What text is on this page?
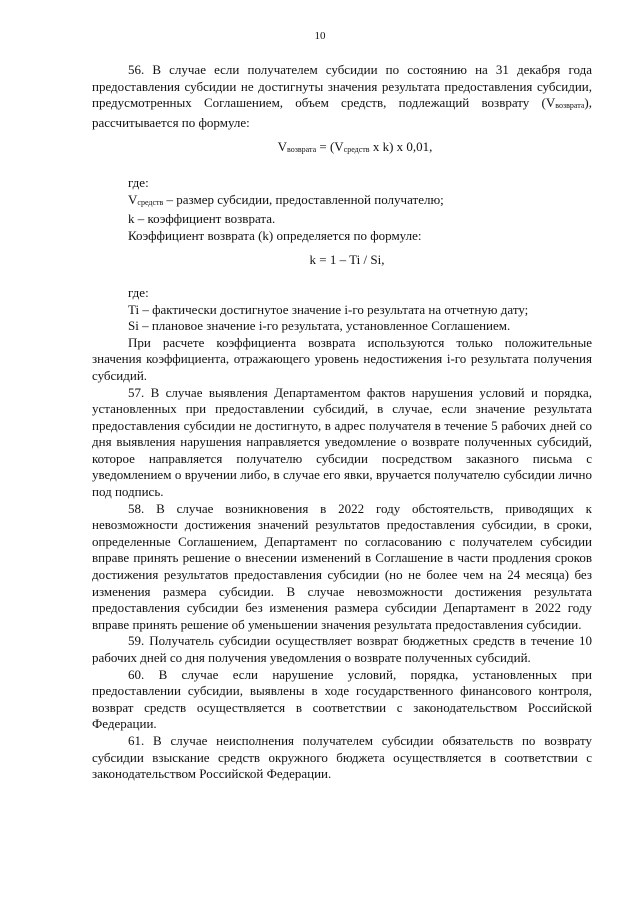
10

56. В случае если получателем субсидии по состоянию на 31 декабря года предоставления субсидии не достигнуты значения результата предоставления субсидии, предусмотренных Соглашением, объем средств, подлежащий возврату $(V_{возврата})$, рассчитывается по формуле:

$V_{возврата} = (V_{средств}$ x k) x 0,01,

где:

$V_{средств}$ – размер субсидии, предоставленной получателю;

k – коэффициент возврата.

Коэффициент возврата (k) определяется по формуле:

k = 1 – Ti / Si,

где:

Ti – фактически достигнутое значение i-го результата на отчетную дату;

Si – плановое значение i-го результата, установленное Соглашением.

При расчете коэффициента возврата используются только положительные значения коэффициента, отражающего уровень недостижения i-го результата получения субсидий.

57. В случае выявления Департаментом фактов нарушения условий и порядка, установленных при предоставлении субсидий, в случае, если значение результата предоставления субсидии не достигнуто, в адрес получателя в течение 5 рабочих дней со дня выявления нарушения направляется уведомление о возврате полученных субсидий, которое направляется получателю субсидии посредством заказного письма с уведомлением о вручении либо, в случае его явки, вручается получателю субсидии лично под подпись.

58. В случае возникновения в 2022 году обстоятельств, приводящих к невозможности достижения значений результатов предоставления субсидии, в сроки, определенные Соглашением, Департамент по согласованию с получателем субсидии вправе принять решение о внесении изменений в Соглашение в части продления сроков достижения результатов предоставления субсидии (но не более чем на 24 месяца) без изменения размера субсидии. В случае невозможности достижения результата предоставления субсидии без изменения размера субсидии Департамент в 2022 году вправе принять решение об уменьшении значения результата предоставления субсидии.

59. Получатель субсидии осуществляет возврат бюджетных средств в течение 10 рабочих дней со дня получения уведомления о возврате полученных субсидий.

60. В случае если нарушение условий, порядка, установленных при предоставлении субсидии, выявлены в ходе государственного финансового контроля, возврат средств осуществляется в соответствии с законодательством Российской Федерации.

61. В случае неисполнения получателем субсидии обязательств по возврату субсидии взыскание средств окружного бюджета осуществляется в соответствии с законодательством Российской Федерации.
